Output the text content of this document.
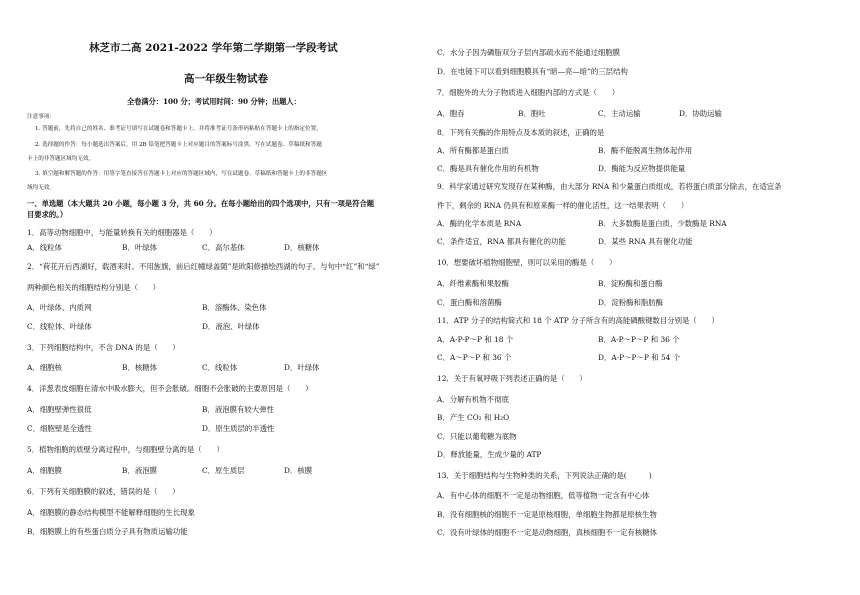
林芝市二高 2021-2022 学年第二学期第一学段考试
高一年级生物试卷
全卷满分：100 分；考试用时间：90 分钟；出题人：
注意事项：
1. 答题前，先将自己的姓名、准考证号填写在试题卷和答题卡上，并将准考证号条形码粘贴在答题卡上的指定位置。
2. 选择题的作答：每小题选出答案后，用 2B 铅笔把答题卡上对应题目的答案标号涂黑，写在试题卷、草稿纸和答题
卡上的非答题区域均无效。
3. 填空题和解答题的作答：用签字笔直接答在答题卡上对应的答题区域内，写在试题卷、草稿纸和答题卡上的非答题区
域均无效。
一、单选题（本大题共 20 小题，每小题 3 分，共 60 分。在每小题给出的四个选项中，只有一项是符合题
目要求的。）
1．高等动物细胞中，与能量转换有关的细胞器是（　　）
A．线粒体	B．叶绿体	C．高尔基体	D．核糖体
2．“荷花开后西湖好，载酒来时。不用旌旗，前后红幢绿盖随”是欧阳修描绘西湖的句子。与句中“红”和“绿”
两种颜色相关的细胞结构分别是（　　）
A．叶绿体、内质网	B．溶酶体、染色体
C．线粒体、叶绿体	D．液泡、叶绿体
3．下列细胞结构中，不含 DNA 的是（　　）
A．细胞核	B．核糖体	C．线粒体	D．叶绿体
4．洋葱表皮细胞在清水中吸水膨大，但不会胀破。细胞不会胀破的主要原因是（　　）
A．细胞壁弹性很低	B．液泡膜有较大弹性
C．细胞壁是全透性	D．原生质层的半透性
5．植物细胞的质壁分离过程中，与细胞壁分离的是（　　）
A．细胞膜	B．液泡膜	C．原生质层	D．核膜
6．下列有关细胞膜的叙述，错误的是（　　）
A．细胞膜的静态结构模型不能解释细胞的生长现象
B．细胞膜上的有些蛋白质分子具有物质运输功能
C．水分子因为磷脂双分子层内部疏水而不能通过细胞膜
D．在电镜下可以看到细胞膜具有“暗—亮—暗”的三层结构
7．细胞外的大分子物质进入细胞内部的方式是（　　）
A．胞吞	B．胞吐	C．主动运输	D．协助运输
8．下列有关酶的作用特点及本质的叙述，正确的是
A．所有酶都是蛋白质	B．酶不能脱离生物体起作用
C．酶是具有催化作用的有机物	D．酶能为反应物提供能量
9．科学家通过研究发现存在某种酶，由大部分 RNA 和少量蛋白质组成，若将蛋白质部分除去，在适宜条
件下，剩余的 RNA 仍具有和原来酶一样的催化活性，这一结果表明（　　）
A．酶的化学本质是 RNA	B．大多数酶是蛋白质，少数酶是 RNA
C．条件适宜，RNA 都具有催化的功能	D．某些 RNA 具有催化功能
10．想要破坏植物细胞壁，则可以采用的酶是（　　）
A．纤维素酶和果胶酶	B．淀粉酶和蛋白酶
C．蛋白酶和溶菌酶	D．淀粉酶和脂肪酶
11．ATP 分子的结构简式和 18 个 ATP 分子所含有的高能磷酸键数目分别是（　　）
A．A-P-P～P 和 18 个	B．A-P～P～P 和 36 个
C．A～P～P 和 36 个	D．A-P～P～P 和 54 个
12．关于有氧呼吸下列表述正确的是（　　）
A．分解有机物不彻底
B．产生 CO₂ 和 H₂O
C．只能以葡萄糖为底物
D．释放能量，生成少量的 ATP
13．关于细胞结构与生物种类的关系，下列说法正确的是(　　　)
A．有中心体的细胞不一定是动物细胞，低等植物一定含有中心体
B．没有细胞核的细胞不一定是原核细胞，单细胞生物都是原核生物
C．没有叶绿体的细胞不一定是动物细胞，真核细胞不一定有核糖体
